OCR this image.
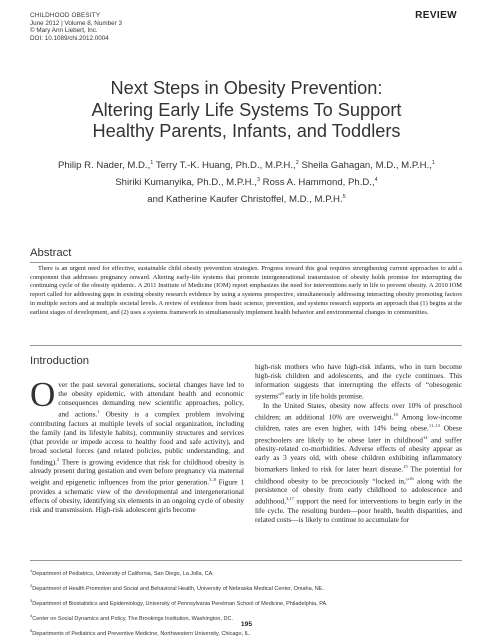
CHILDHOOD OBESITY
June 2012 | Volume 8, Number 3
© Mary Ann Liebert, Inc.
DOI: 10.1089/chi.2012.0004
REVIEW
Next Steps in Obesity Prevention:
Altering Early Life Systems To Support
Healthy Parents, Infants, and Toddlers
Philip R. Nader, M.D.,$^1$ Terry T.-K. Huang, Ph.D., M.P.H.,$^2$ Sheila Gahagan, M.D., M.P.H.,$^1$
Shiriki Kumanyika, Ph.D., M.P.H.,$^3$ Ross A. Hammond, Ph.D.,$^4$
and Katherine Kaufer Christoffel, M.D., M.P.H.$^5$
Abstract
There is an urgent need for effective, sustainable child obesity prevention strategies. Progress toward this goal requires strengthening current approaches to add a component that addresses pregnancy onward. Altering early-life systems that promote intergenerational transmission of obesity holds promise for interrupting the continuing cycle of the obesity epidemic. A 2011 Institute of Medicine (IOM) report emphasizes the need for interventions early in life to prevent obesity. A 2010 IOM report called for addressing gaps in existing obesity research evidence by using a systems perspective, simultaneously addressing interacting obesity promoting factors in multiple sectors and at multiple societal levels. A review of evidence from basic science, prevention, and systems research supports an approach that (1) begins at the earliest stages of development, and (2) uses a systems framework to simultaneously implement health behavior and environmental changes in communities.
Introduction

Over the past several generations, societal changes have led to the obesity epidemic, with attendant health and economic consequences demanding new scientific approaches, policy, and actions.$^1$ Obesity is a complex problem involving contributing factors at multiple levels of social organization, including the family (and its lifestyle habits), community structures and services (that provide or impede access to healthy food and safe activity), and broad societal forces (and related policies, public understanding, and funding).$^2$ There is growing evidence that risk for childhood obesity is already present during gestation and even before pregnancy via maternal weight and epigenetic influences from the prior generation.$^{3-8}$ Figure 1 provides a schematic view of the developmental and intergenerational effects of obesity, identifying six elements in an ongoing cycle of obesity risk and transmission. High-risk adolescent girls become

high-risk mothers who have high-risk infants, who in turn become high-risk children and adolescents, and the cycle continues. This information suggests that interrupting the effects of “obesogenic systems”$^9$ early in life holds promise.

In the United States, obesity now affects over 10% of preschool children; an additional 10% are overweight.$^{10}$ Among low-income children, rates are even higher, with 14% being obese.$^{11-13}$ Obese preschoolers are likely to be obese later in childhood$^{14}$ and suffer obesity-related co-morbidities. Adverse effects of obesity appear as early as 3 years old, with obese children exhibiting inflammatory biomarkers linked to risk for later heart disease.$^{15}$ The potential for childhood obesity to be precociously “locked in,”$^{16}$ along with the persistence of obesity from early childhood to adolescence and adulthood,$^{3,17}$ support the need for interventions to begin early in the life cycle. The resulting burden—poor health, health disparities, and related costs—is likely to continue to accumulate for

$^1$Department of Pediatrics, University of California, San Diego, La Jolla, CA.
$^2$Department of Health Promotion and Social and Behavioral Health, University of Nebraska Medical Center, Omaha, NE.
$^3$Department of Biostatistics and Epidemiology, University of Pennsylvania Perelman School of Medicine, Philadelphia, PA.
$^4$Center on Social Dynamics and Policy, The Brookings Institution, Washington, DC.
$^5$Departments of Pediatrics and Preventive Medicine, Northwestern University, Chicago, IL.
195
